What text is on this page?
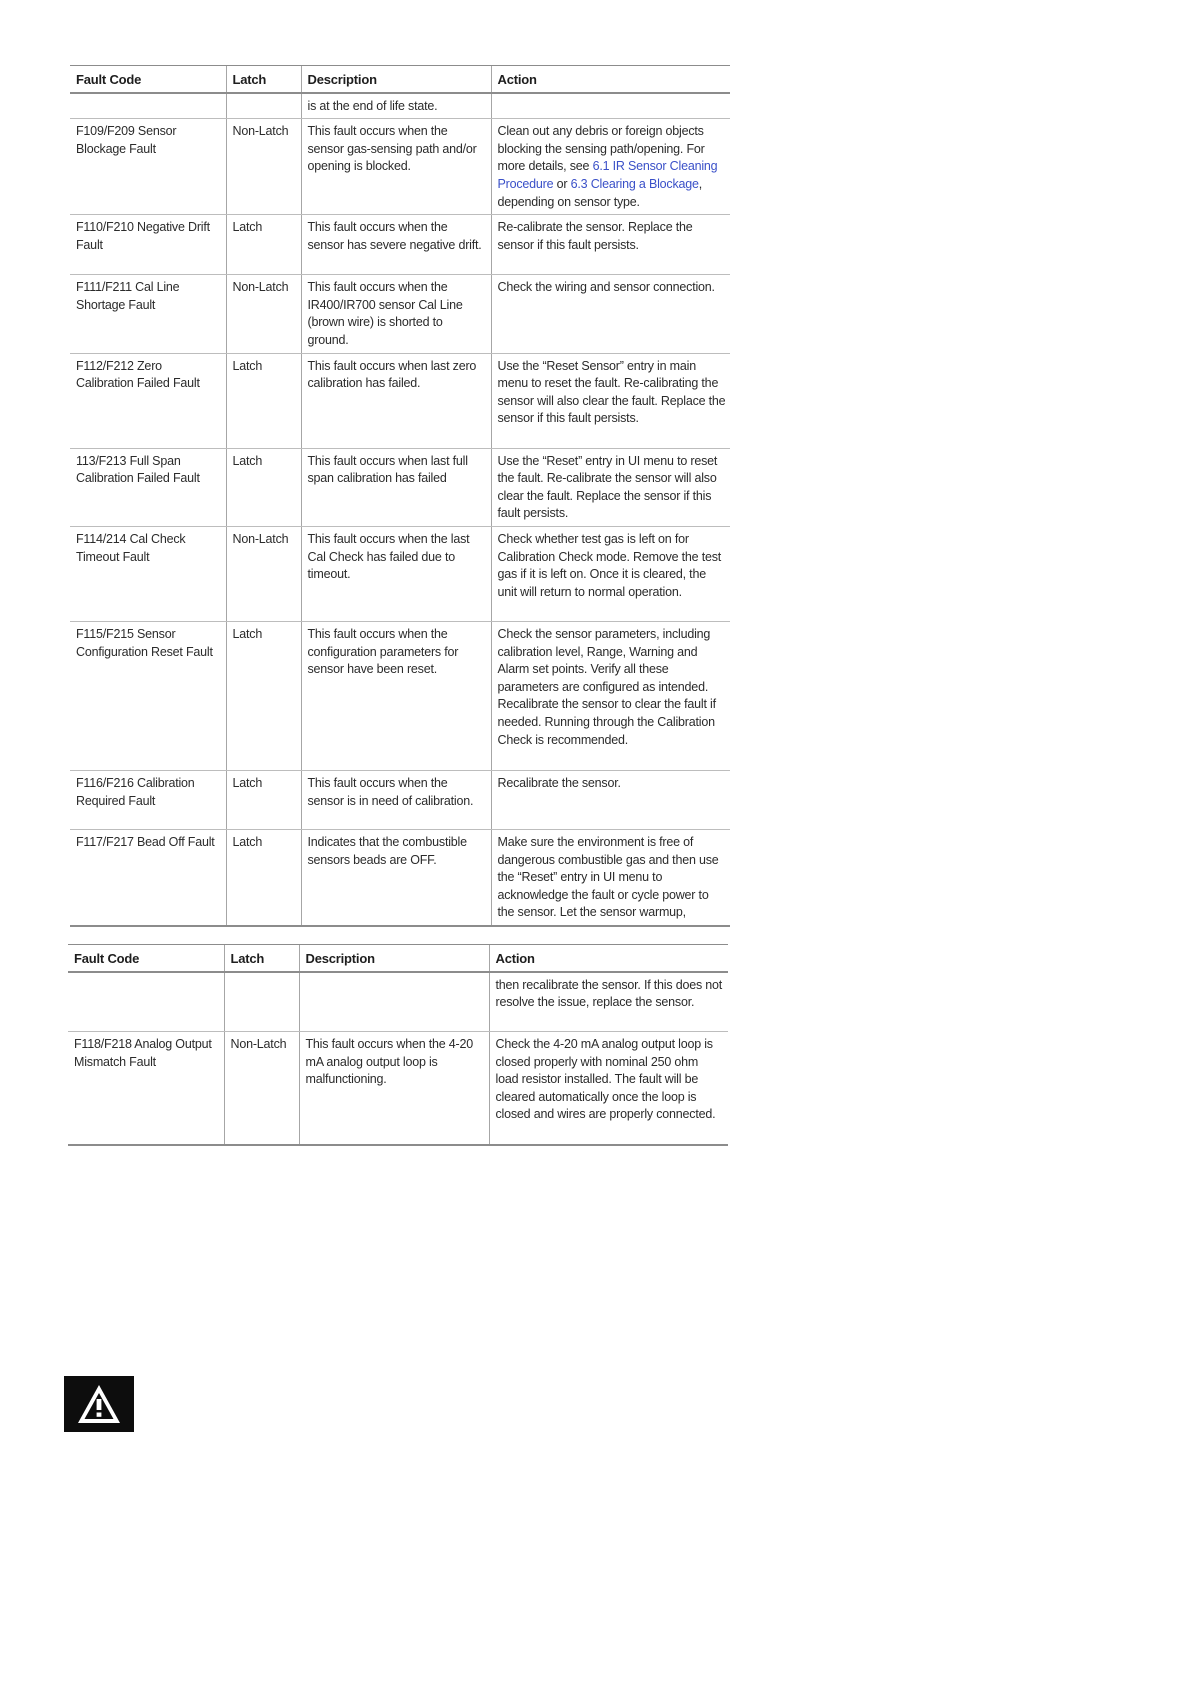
Fault Code	Latch	Description	Action
		is at the end of life state.	
F109/F209 Sensor Blockage Fault	Non-Latch	This fault occurs when the sensor gas-sensing path and/or opening is blocked.	Clean out any debris or foreign objects blocking the sensing path/opening. For more details, see 6.1 IR Sensor Cleaning Procedure or 6.3 Clearing a Blockage, depending on sensor type.
F110/F210 Negative Drift Fault	Latch	This fault occurs when the sensor has severe negative drift.	Re-calibrate the sensor. Replace the sensor if this fault persists.
F111/F211 Cal Line Shortage Fault	Non-Latch	This fault occurs when the IR400/IR700 sensor Cal Line (brown wire) is shorted to ground.	Check the wiring and sensor connection.
F112/F212 Zero Calibration Failed Fault	Latch	This fault occurs when last zero calibration has failed.	Use the “Reset Sensor” entry in main menu to reset the fault. Re-calibrating the sensor will also clear the fault. Replace the sensor if this fault persists.
113/F213 Full Span Calibration Failed Fault	Latch	This fault occurs when last full span calibration has failed	Use the “Reset” entry in UI menu to reset the fault. Re-calibrate the sensor will also clear the fault. Replace the sensor if this fault persists.
F114/214 Cal Check Timeout Fault	Non-Latch	This fault occurs when the last Cal Check has failed due to timeout.	Check whether test gas is left on for Calibration Check mode. Remove the test gas if it is left on. Once it is cleared, the unit will return to normal operation.
F115/F215 Sensor Configuration Reset Fault	Latch	This fault occurs when the configuration parameters for sensor have been reset.	Check the sensor parameters, including calibration level, Range, Warning and Alarm set points. Verify all these parameters are configured as intended. Recalibrate the sensor to clear the fault if needed. Running through the Calibration Check is recommended.
F116/F216 Calibration Required Fault	Latch	This fault occurs when the sensor is in need of calibration.	Recalibrate the sensor.
F117/F217 Bead Off Fault	Latch	Indicates that the combustible sensors beads are OFF.	Make sure the environment is free of dangerous combustible gas and then use the “Reset” entry in UI menu to acknowledge the fault or cycle power to the sensor. Let the sensor warmup,
Fault Code	Latch	Description	Action
			then recalibrate the sensor. If this does not resolve the issue, replace the sensor.
F118/F218 Analog Output Mismatch Fault	Non-Latch	This fault occurs when the 4-20 mA analog output loop is malfunctioning.	Check the 4-20 mA analog output loop is closed properly with nominal 250 ohm load resistor installed. The fault will be cleared automatically once the loop is closed and wires are properly connected.
